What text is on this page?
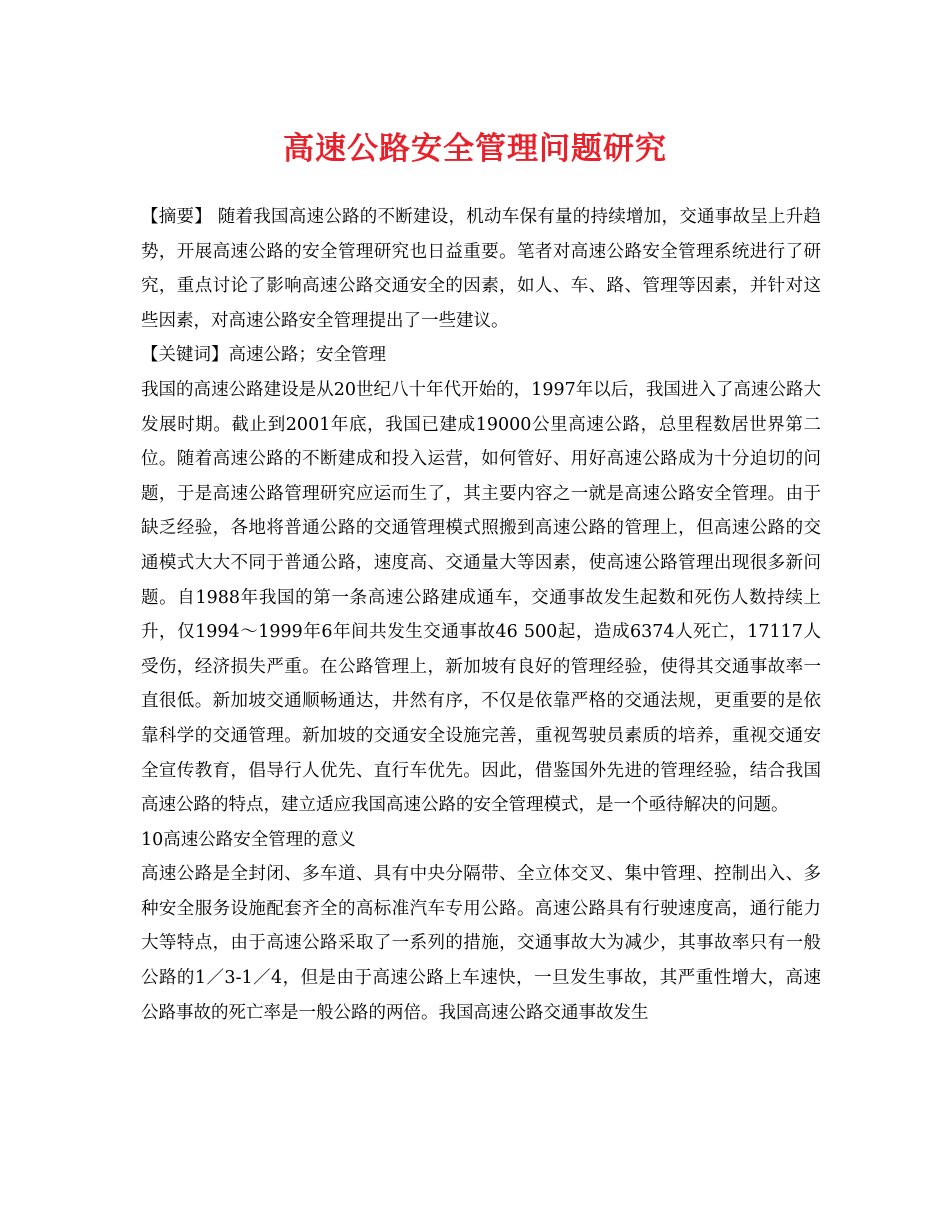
高速公路安全管理问题研究

【摘要】 随着我国高速公路的不断建设，机动车保有量的持续增加，交通事故呈上升趋势，开展高速公路的安全管理研究也日益重要。笔者对高速公路安全管理系统进行了研究，重点讨论了影响高速公路交通安全的因素，如人、车、路、管理等因素，并针对这些因素，对高速公路安全管理提出了一些建议。

【关键词】高速公路；安全管理

我国的高速公路建设是从20世纪八十年代开始的，1997年以后，我国进入了高速公路大发展时期。截止到2001年底，我国已建成19000公里高速公路，总里程数居世界第二位。随着高速公路的不断建成和投入运营，如何管好、用好高速公路成为十分迫切的问题，于是高速公路管理研究应运而生了，其主要内容之一就是高速公路安全管理。由于缺乏经验，各地将普通公路的交通管理模式照搬到高速公路的管理上，但高速公路的交通模式大大不同于普通公路，速度高、交通量大等因素，使高速公路管理出现很多新问题。自1988年我国的第一条高速公路建成通车，交通事故发生起数和死伤人数持续上升，仅1994～1999年6年间共发生交通事故46 500起，造成6374人死亡，17117人受伤，经济损失严重。在公路管理上，新加坡有良好的管理经验，使得其交通事故率一直很低。新加坡交通顺畅通达，井然有序，不仅是依靠严格的交通法规，更重要的是依靠科学的交通管理。新加坡的交通安全设施完善，重视驾驶员素质的培养，重视交通安全宣传教育，倡导行人优先、直行车优先。因此，借鉴国外先进的管理经验，结合我国高速公路的特点，建立适应我国高速公路的安全管理模式，是一个亟待解决的问题。

10高速公路安全管理的意义

高速公路是全封闭、多车道、具有中央分隔带、全立体交叉、集中管理、控制出入、多种安全服务设施配套齐全的高标准汽车专用公路。高速公路具有行驶速度高，通行能力大等特点，由于高速公路采取了一系列的措施，交通事故大为减少，其事故率只有一般公路的1／3-1／4，但是由于高速公路上车速快，一旦发生事故，其严重性增大，高速公路事故的死亡率是一般公路的两倍。我国高速公路交通事故发生
